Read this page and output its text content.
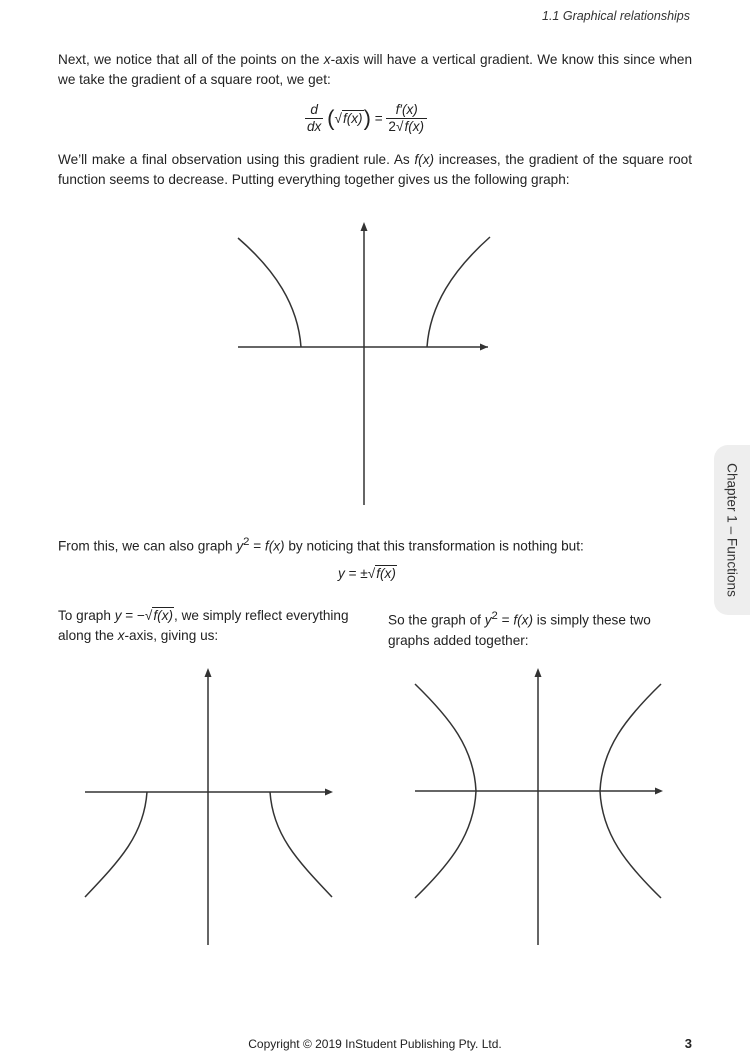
1.1 Graphical relationships
Next, we notice that all of the points on the x-axis will have a vertical gradient. We know this since when we take the gradient of a square root, we get:
$\frac{d}{dx} (√f(x)) = \frac{f'(x)}{2√f(x)}$
We’ll make a final observation using this gradient rule. As f(x) increases, the gradient of the square root function seems to decrease. Putting everything together gives us the following graph:
From this, we can also graph $y^2 = f(x)$ by noticing that this transformation is nothing but:
y = ±√f(x)
To graph y = −√f(x), we simply reflect everything along the x-axis, giving us:
So the graph of $y^2 = f(x)$ is simply these two graphs added together:
Chapter 1 – Functions
Copyright © 2019 InStudent Publishing Pty. Ltd.	3
